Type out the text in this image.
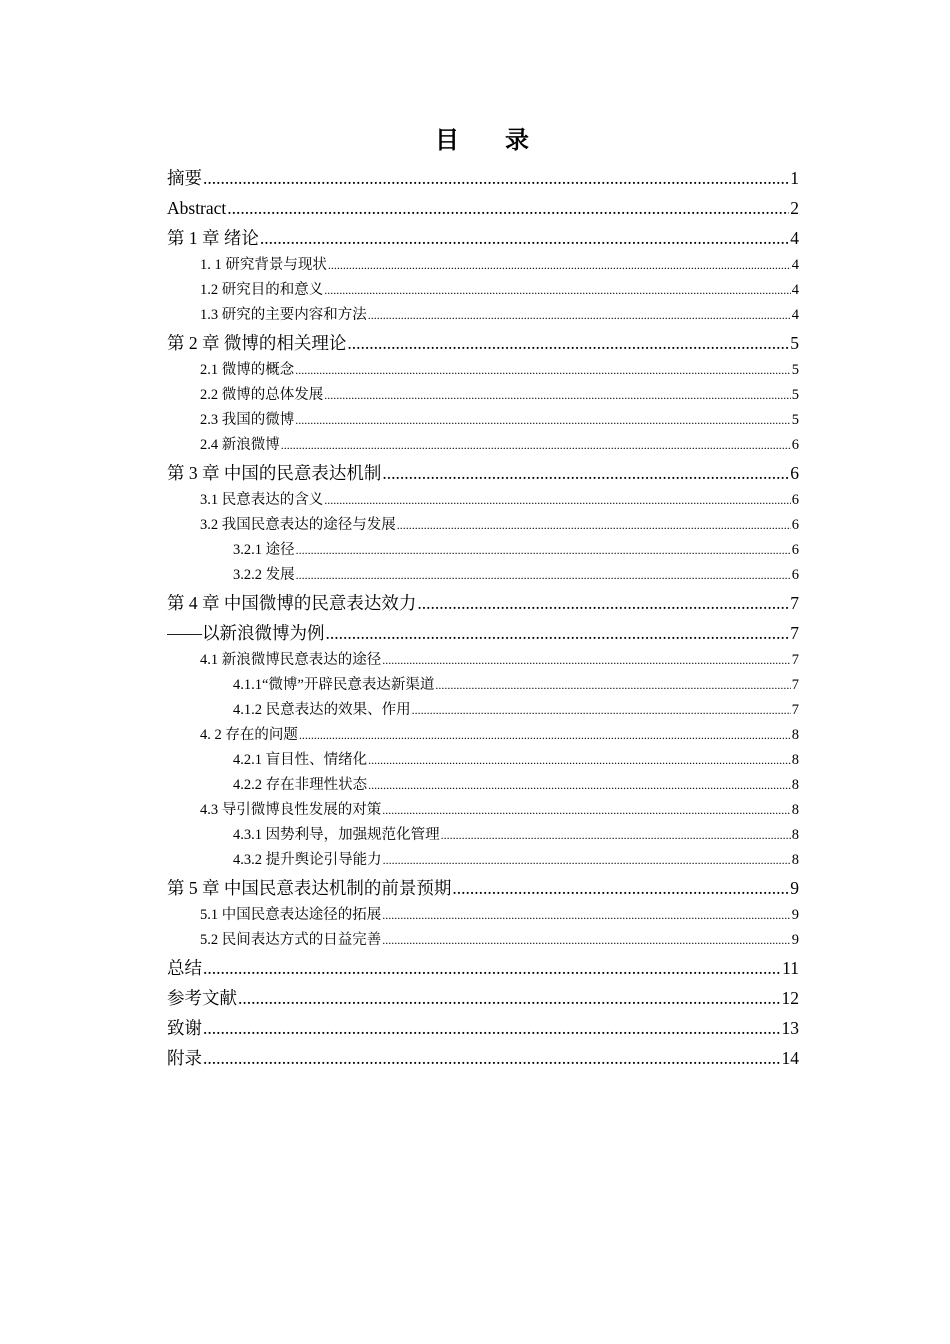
目 录
摘要 .....	1
Abstract .....	2
第 1 章 绪论 .....	4
1. 1 研究背景与现状 .....	4
1.2 研究目的和意义 .....	4
1.3 研究的主要内容和方法 .....	4
第 2 章 微博的相关理论 .....	5
2.1 微博的概念 .....	5
2.2 微博的总体发展 .....	5
2.3 我国的微博 .....	5
2.4 新浪微博 .....	6
第 3 章 中国的民意表达机制 .....	6
3.1 民意表达的含义 .....	6
3.2 我国民意表达的途径与发展 .....	6
3.2.1 途径 .....	6
3.2.2 发展 .....	6
第 4 章 中国微博的民意表达效力 .....	7
——以新浪微博为例 .....	7
4.1 新浪微博民意表达的途径 .....	7
4.1.1“微博”开辟民意表达新渠道 .....	7
4.1.2 民意表达的效果、作用 .....	7
4. 2 存在的问题 .....	8
4.2.1 盲目性、情绪化 .....	8
4.2.2 存在非理性状态 .....	8
4.3 导引微博良性发展的对策 .....	8
4.3.1 因势利导，加强规范化管理 .....	8
4.3.2 提升舆论引导能力 .....	8
第 5 章 中国民意表达机制的前景预期 .....	9
5.1 中国民意表达途径的拓展 .....	9
5.2 民间表达方式的日益完善 .....	9
总结 .....	11
参考文献 .....	12
致谢 .....	13
附录 .....	14
